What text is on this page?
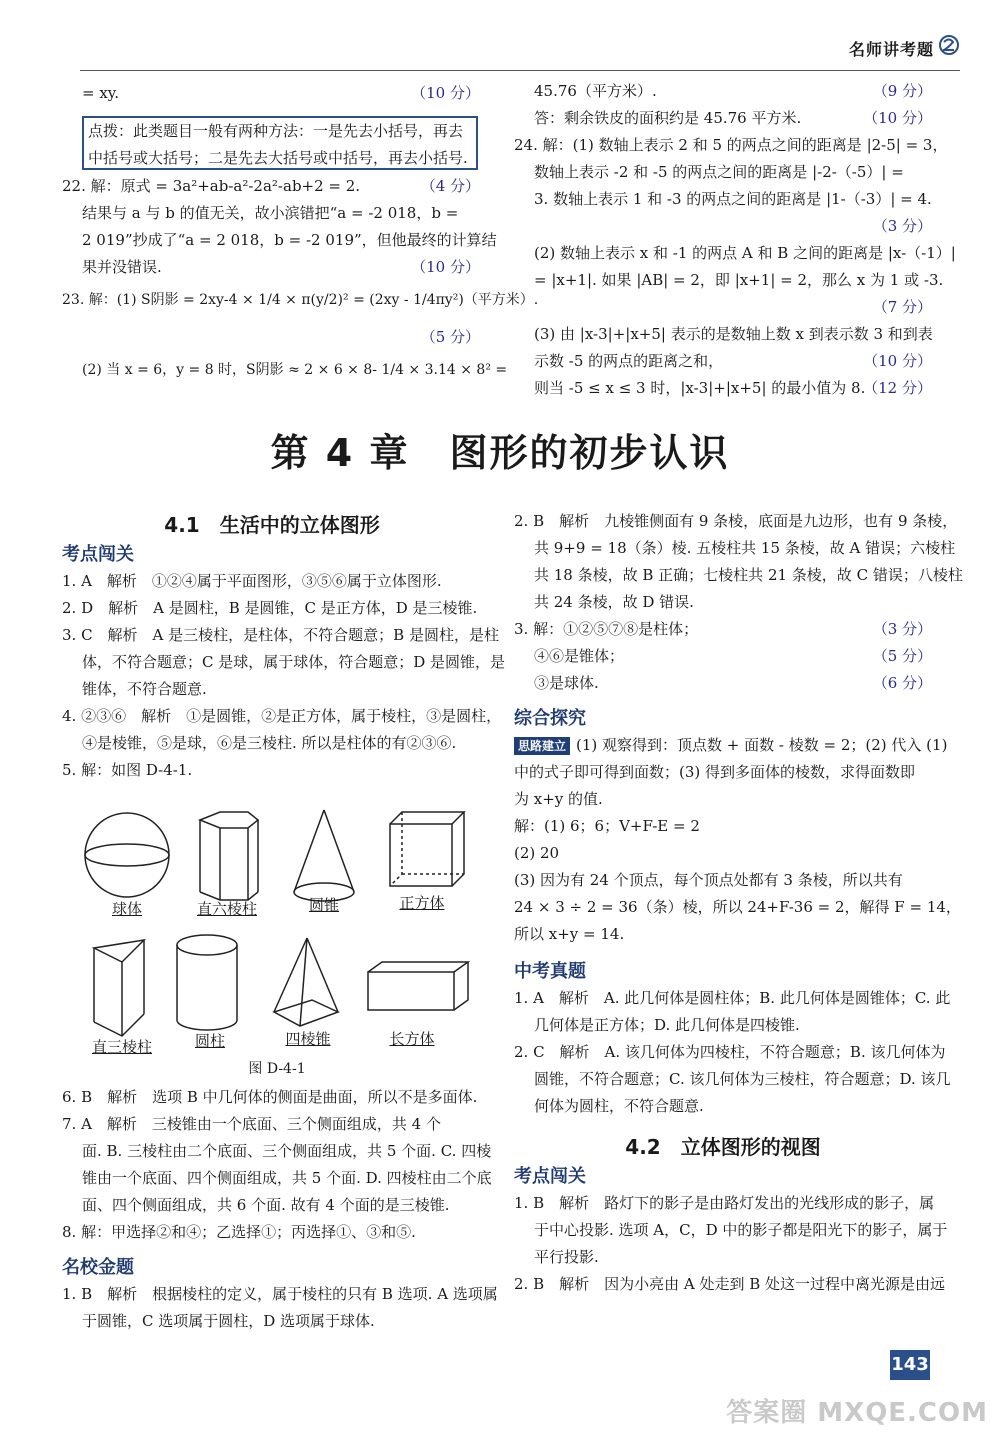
名师讲考题
= xy.	（10 分）
点拨：此类题目一般有两种方法：一是先去小括号，再去
中括号或大括号；二是先去大括号或中括号，再去小括号.
22. 解：原式 = 3a²+ab-a²-2a²-ab+2 = 2.	（4 分）
结果与 a 与 b 的值无关，故小滨错把“a = -2 018，b =
2 019”抄成了“a = 2 018，b = -2 019”，但他最终的计算结
果并没错误.	（10 分）
23. 解：(1) S阴影 = 2xy-4 × 1/4 × π(y/2)² = (2xy - 1/4πy²)（平方米）.
（5 分）
(2) 当 x = 6，y = 8 时，S阴影 ≈ 2 × 6 × 8- 1/4 × 3.14 × 8² =
45.76（平方米）.	（9 分）
答：剩余铁皮的面积约是 45.76 平方米.	（10 分）
24. 解：(1) 数轴上表示 2 和 5 的两点之间的距离是 |2-5| = 3，
数轴上表示 -2 和 -5 的两点之间的距离是 |-2-（-5）| =
3. 数轴上表示 1 和 -3 的两点之间的距离是 |1-（-3）| = 4.
（3 分）

(2) 数轴上表示 x 和 -1 的两点 A 和 B 之间的距离是 |x-（-1）|
= |x+1|. 如果 |AB| = 2，即 |x+1| = 2，那么 x 为 1 或 -3.
（7 分）

(3) 由 |x-3|+|x+5| 表示的是数轴上数 x 到表示数 3 和到表
示数 -5 的两点的距离之和，	（10 分）
则当 -5 ≤ x ≤ 3 时，|x-3|+|x+5| 的最小值为 8.
（12 分）
第 4 章　图形的初步认识
4.1　生活中的立体图形
考点闯关
1. A　解析　①②④属于平面图形，③⑤⑥属于立体图形.
2. D　解析　A 是圆柱，B 是圆锥，C 是正方体，D 是三棱锥.
3. C　解析　A 是三棱柱，是柱体，不符合题意；B 是圆柱，是柱
体，不符合题意；C 是球，属于球体，符合题意；D 是圆锥，是
锥体，不符合题意.
4. ②③⑥　解析　①是圆锥，②是正方体，属于棱柱，③是圆柱，
④是棱锥，⑤是球，⑥是三棱柱. 所以是柱体的有②③⑥.
5. 解：如图 D-4-1.
球体	直六棱柱	圆锥	正方体
直三棱柱	圆柱	四棱锥	长方体
图 D-4-1
6. B　解析　选项 B 中几何体的侧面是曲面，所以不是多面体.
7. A　解析　三棱锥由一个底面、三个侧面组成，共 4 个
面. B. 三棱柱由二个底面、三个侧面组成，共 5 个面. C. 四棱
锥由一个底面、四个侧面组成，共 5 个面. D. 四棱柱由二个底
面、四个侧面组成，共 6 个面. 故有 4 个面的是三棱锥.
8. 解：甲选择②和④；乙选择①；丙选择①、③和⑤.
名校金题
1. B　解析　根据棱柱的定义，属于棱柱的只有 B 选项. A 选项属
于圆锥，C 选项属于圆柱，D 选项属于球体.
2. B　解析　九棱锥侧面有 9 条棱，底面是九边形，也有 9 条棱，
共 9+9 = 18（条）棱. 五棱柱共 15 条棱，故 A 错误；六棱柱
共 18 条棱，故 B 正确；七棱柱共 21 条棱，故 C 错误；八棱柱
共 24 条棱，故 D 错误.
3. 解：①②⑤⑦⑧是柱体；	（3 分）
④⑥是锥体；	（5 分）
③是球体.	（6 分）
综合探究
思路建立 (1) 观察得到：顶点数 + 面数 - 棱数 = 2；(2) 代入 (1)
中的式子即可得到面数；(3) 得到多面体的棱数，求得面数即
为 x+y 的值.
解：(1) 6；6；V+F-E = 2
(2) 20
(3) 因为有 24 个顶点，每个顶点处都有 3 条棱，所以共有
24 × 3 ÷ 2 = 36（条）棱，所以 24+F-36 = 2，解得 F = 14，
所以 x+y = 14.
中考真题
1. A　解析　A. 此几何体是圆柱体；B. 此几何体是圆锥体；C. 此
几何体是正方体；D. 此几何体是四棱锥.
2. C　解析　A. 该几何体为四棱柱，不符合题意；B. 该几何体为
圆锥，不符合题意；C. 该几何体为三棱柱，符合题意；D. 该几
何体为圆柱，不符合题意.
4.2　立体图形的视图
考点闯关
1. B　解析　路灯下的影子是由路灯发出的光线形成的影子，属
于中心投影. 选项 A，C，D 中的影子都是阳光下的影子，属于
平行投影.
2. B　解析　因为小亮由 A 处走到 B 处这一过程中离光源是由远
143
答案圈 MXQE.COM
